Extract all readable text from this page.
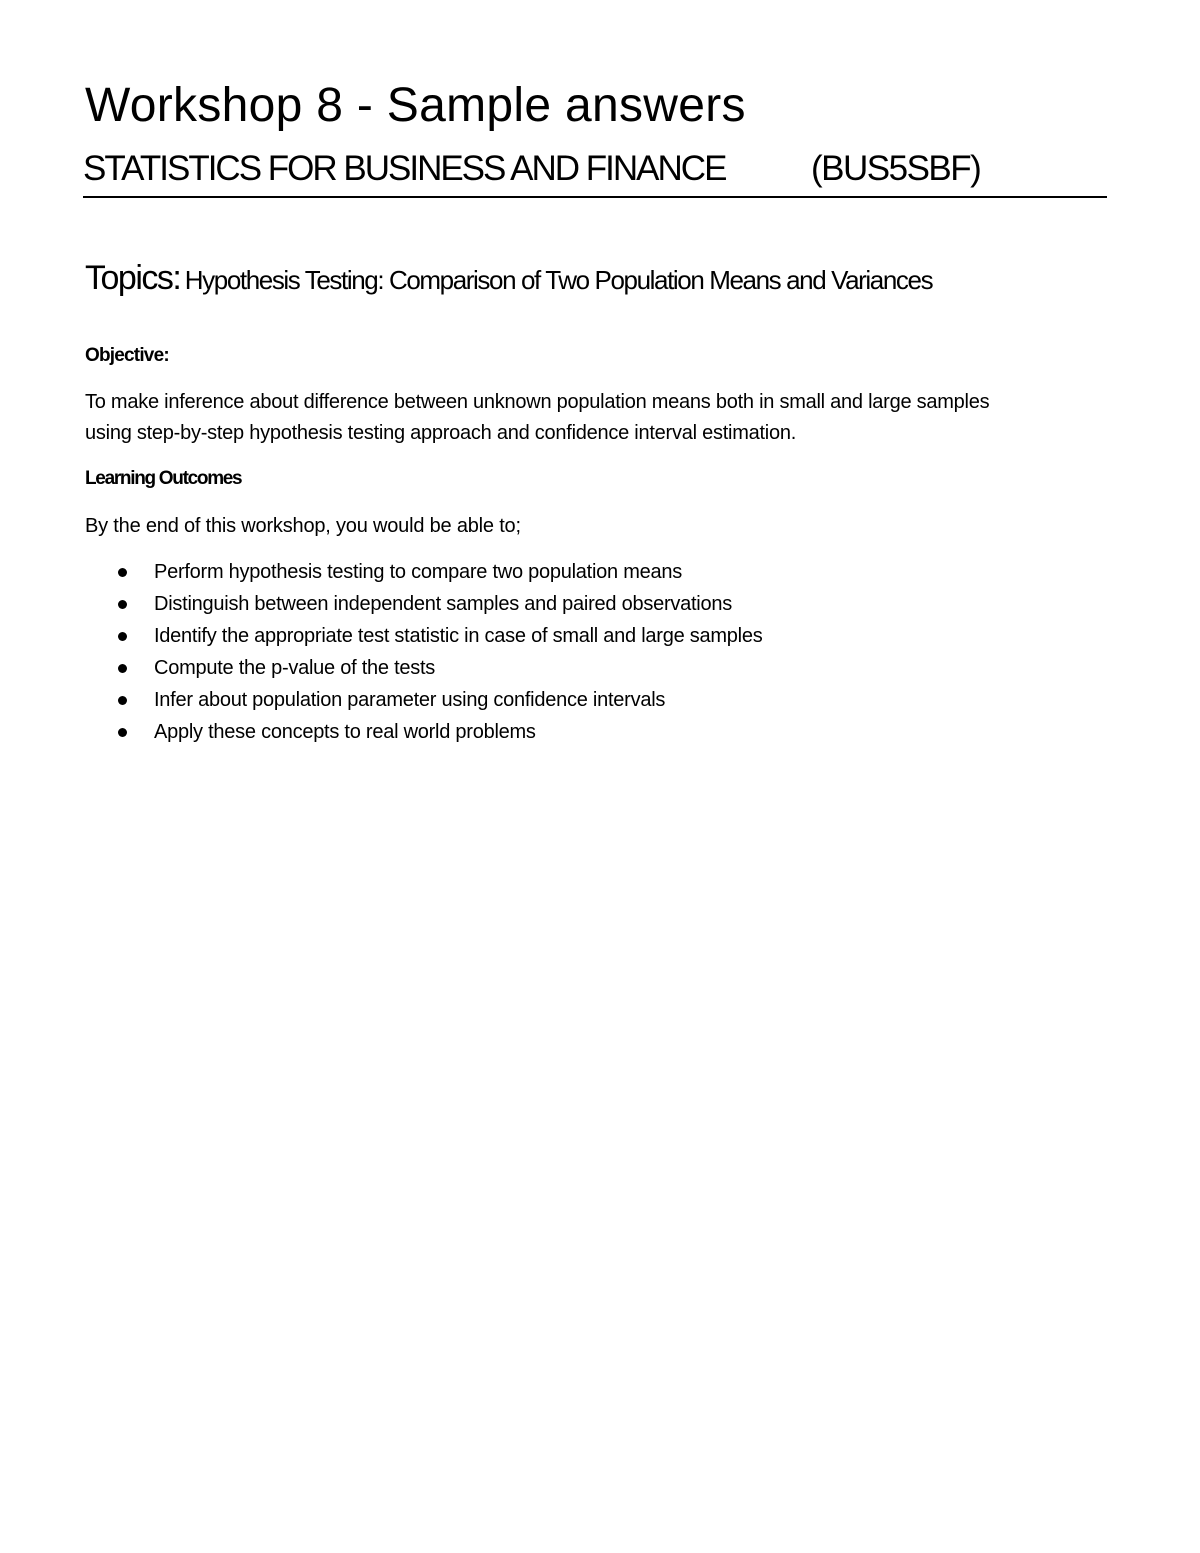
Workshop 8 - Sample answers
STATISTICS FOR BUSINESS AND FINANCE (BUS5SBF)
Topics: Hypothesis Testing: Comparison of Two Population Means and Variances
Objective:
To make inference about difference between unknown population means both in small and large samples
using step-by-step hypothesis testing approach and confidence interval estimation.
Learning Outcomes
By the end of this workshop, you would be able to;
Perform hypothesis testing to compare two population means
Distinguish between independent samples and paired observations
Identify the appropriate test statistic in case of small and large samples
Compute the p-value of the tests
Infer about population parameter using confidence intervals
Apply these concepts to real world problems
